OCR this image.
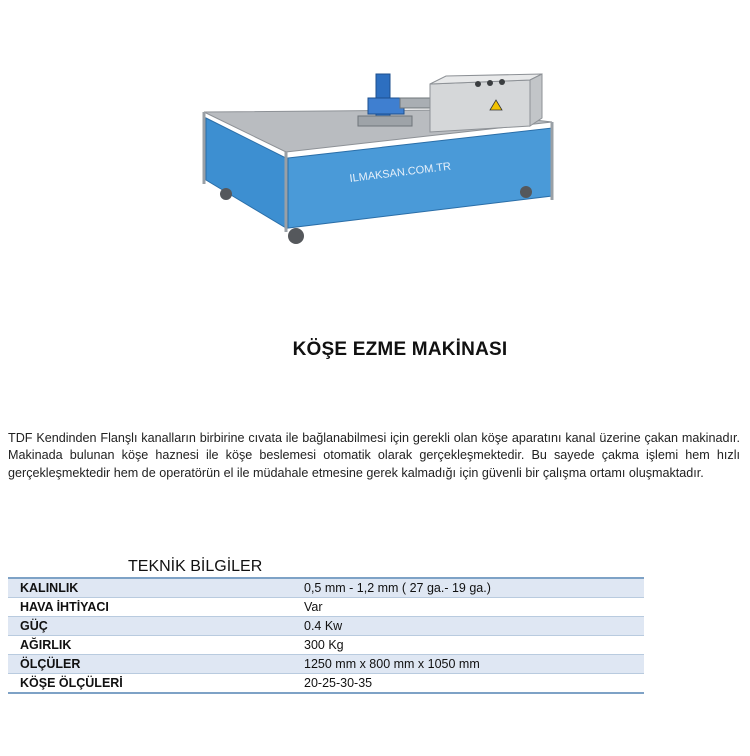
ILMAKSAN.COM.TR
KÖŞE EZME MAKİNASI

TDF Kendinden Flanşlı kanalların birbirine cıvata ile bağlanabilmesi için gerekli olan köşe aparatını kanal üzerine çakan makinadır. Makinada bulunan köşe haznesi ile köşe beslemesi otomatik olarak gerçekleşmektedir. Bu sayede çakma işlemi hem hızlı gerçekleşmektedir hem de operatörün el ile müdahale etmesine gerek kalmadığı için güvenli bir çalışma ortamı oluşmaktadır.

TEKNİK BİLGİLER	
KALINLIK	0,5 mm - 1,2 mm ( 27 ga.- 19 ga.)
HAVA İHTİYACI	Var
GÜÇ	0.4 Kw
AĞIRLIK	300 Kg
ÖLÇÜLER	1250 mm x 800 mm x 1050 mm
KÖŞE ÖLÇÜLERİ	20-25-30-35
